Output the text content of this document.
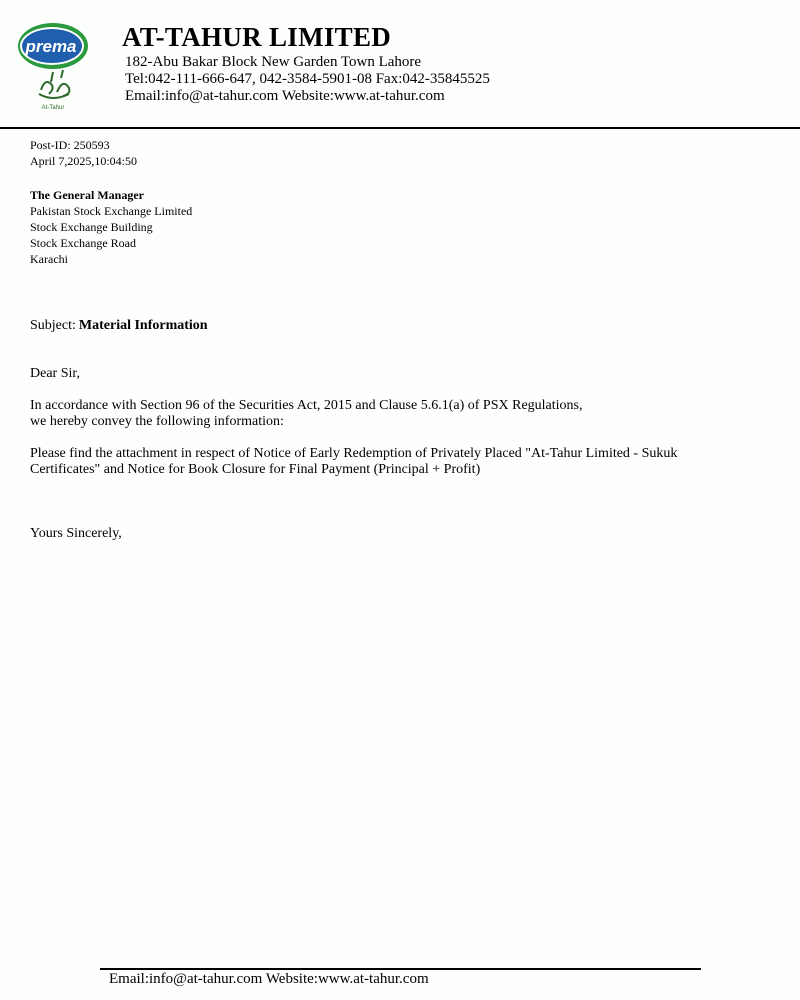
prema
At-Tahur
AT-TAHUR LIMITED
182-Abu Bakar Block New Garden Town Lahore
Tel:042-111-666-647, 042-3584-5901-08 Fax:042-35845525
Email:info@at-tahur.com Website:www.at-tahur.com
Post-ID: 250593
April 7,2025,10:04:50
The General Manager
Pakistan Stock Exchange Limited
Stock Exchange Building
Stock Exchange Road
Karachi
Subject: Material Information
Dear Sir,
In accordance with Section 96 of the Securities Act, 2015 and Clause 5.6.1(a) of PSX Regulations,
we hereby convey the following information:
Please find the attachment in respect of Notice of Early Redemption of Privately Placed "At-Tahur Limited - Sukuk
Certificates" and Notice for Book Closure for Final Payment (Principal + Profit)
Yours Sincerely,
Email:info@at-tahur.com Website:www.at-tahur.com
